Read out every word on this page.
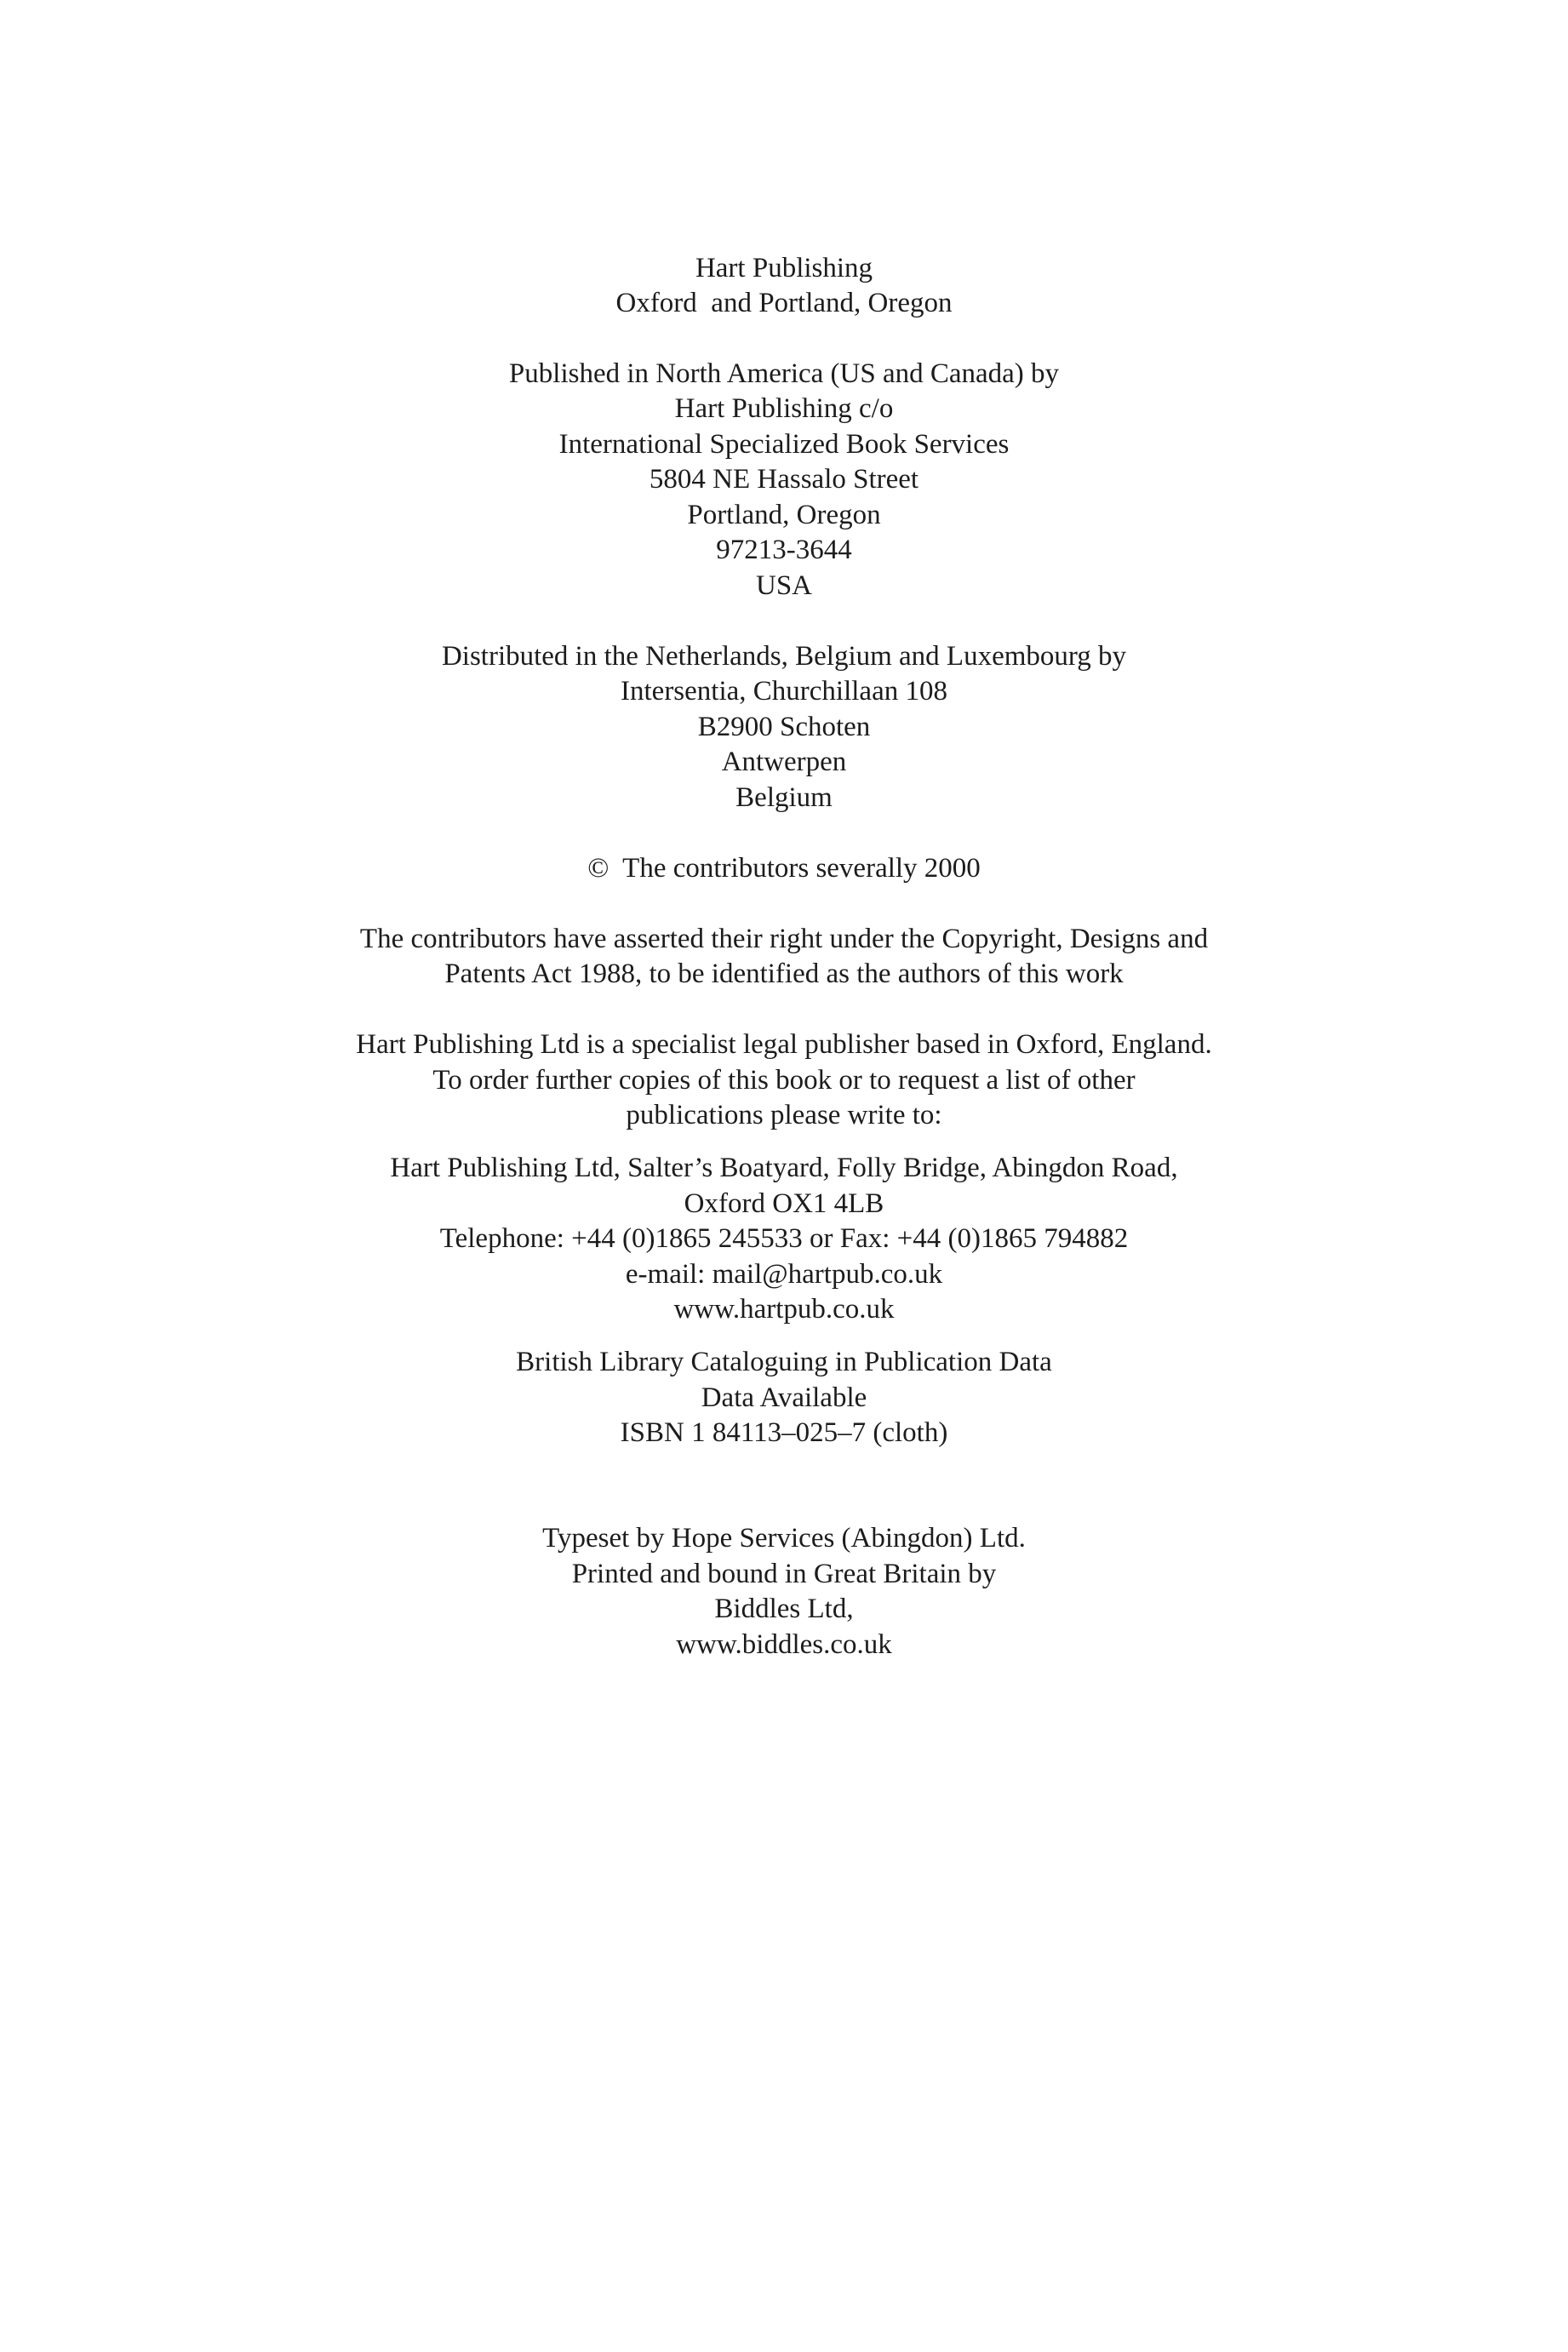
Hart Publishing

Oxford  and Portland, Oregon

Published in North America (US and Canada) by

Hart Publishing c/o

International Specialized Book Services

5804 NE Hassalo Street

Portland, Oregon

97213-3644

USA

Distributed in the Netherlands, Belgium and Luxembourg by

Intersentia, Churchillaan 108

B2900 Schoten

Antwerpen

Belgium

©  The contributors severally 2000

The contributors have asserted their right under the Copyright, Designs and

Patents Act 1988, to be identified as the authors of this work

Hart Publishing Ltd is a specialist legal publisher based in Oxford, England.

To order further copies of this book or to request a list of other

publications please write to:

Hart Publishing Ltd, Salter’s Boatyard, Folly Bridge, Abingdon Road,

Oxford OX1 4LB

Telephone: +44 (0)1865 245533 or Fax: +44 (0)1865 794882

e-mail: mail@hartpub.co.uk

www.hartpub.co.uk

British Library Cataloguing in Publication Data

Data Available

ISBN 1 84113–025–7 (cloth)

Typeset by Hope Services (Abingdon) Ltd.

Printed and bound in Great Britain by

Biddles Ltd,

www.biddles.co.uk
